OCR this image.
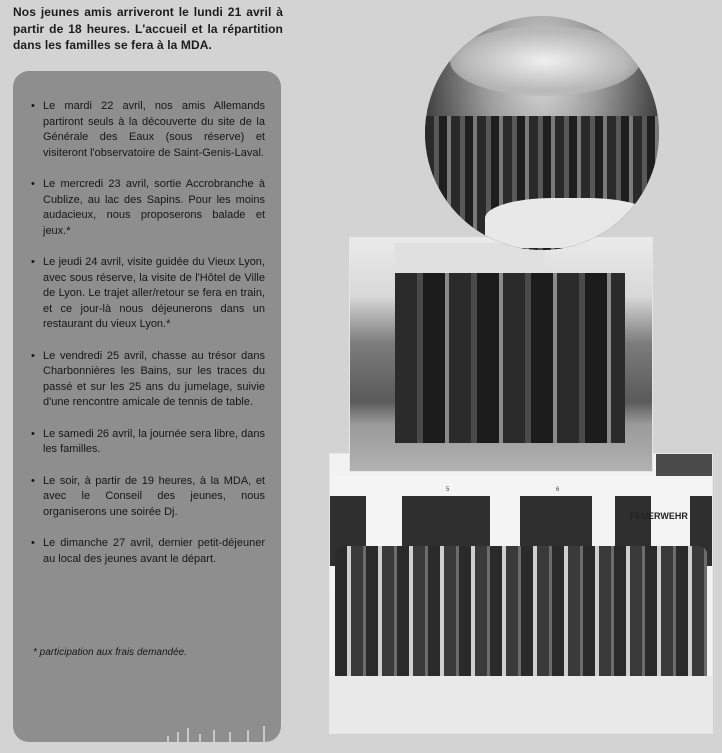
Nos jeunes amis arriveront le lundi 21 avril à partir de 18 heures. L'accueil et la répartition dans les familles se fera à la MDA.
• Le mardi 22 avril, nos amis Allemands partiront seuls à la découverte du site de la Générale des Eaux (sous réserve) et visiteront l'observatoire de Saint-Genis-Laval.
• Le mercredi 23 avril, sortie Accrobranche à Cublize, au lac des Sapins. Pour les moins audacieux, nous proposerons balade et jeux.*
• Le jeudi 24 avril, visite guidée du Vieux Lyon, avec sous réserve, la visite de l'Hôtel de Ville de Lyon. Le trajet aller/retour se fera en train, et ce jour-là nous déjeunerons dans un restaurant du vieux Lyon.*
• Le vendredi 25 avril, chasse au trésor dans Charbonnières les Bains, sur les traces du passé et sur les 25 ans du jumelage, suivie d'une rencontre amicale de tennis de table.
• Le samedi 26 avril, la journée sera libre, dans les familles.
• Le soir, à partir de 19 heures, à la MDA, et avec le Conseil des jeunes, nous organiserons une soirée Dj.
• Le dimanche 27 avril, dernier petit-déjeuner au local des jeunes avant le départ.
* participation aux frais demandée.
5	6
FEUERWEHR
